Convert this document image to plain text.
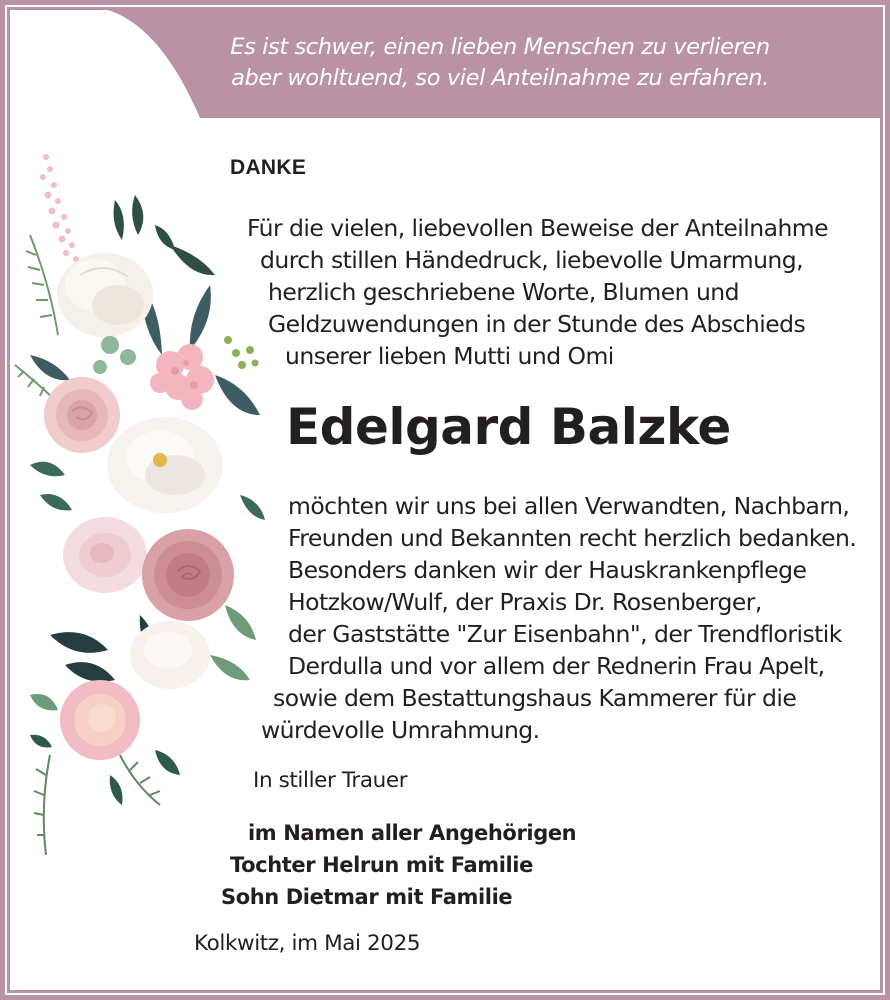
Es ist schwer, einen lieben Menschen zu verlieren
aber wohltuend, so viel Anteilnahme zu erfahren.
DANKE
Für die vielen, liebevollen Beweise der Anteilnahme
durch stillen Händedruck, liebevolle Umarmung,
herzlich geschriebene Worte, Blumen und
Geldzuwendungen in der Stunde des Abschieds
unserer lieben Mutti und Omi
Edelgard Balzke
möchten wir uns bei allen Verwandten, Nachbarn,
Freunden und Bekannten recht herzlich bedanken.
Besonders danken wir der Hauskrankenpflege
Hotzkow/Wulf, der Praxis Dr. Rosenberger,
der Gaststätte "Zur Eisenbahn", der Trendfloristik
Derdulla und vor allem der Rednerin Frau Apelt,
sowie dem Bestattungshaus Kammerer für die
würdevolle Umrahmung.
In stiller Trauer
im Namen aller Angehörigen
Tochter Helrun mit Familie
Sohn Dietmar mit Familie
Kolkwitz, im Mai 2025
